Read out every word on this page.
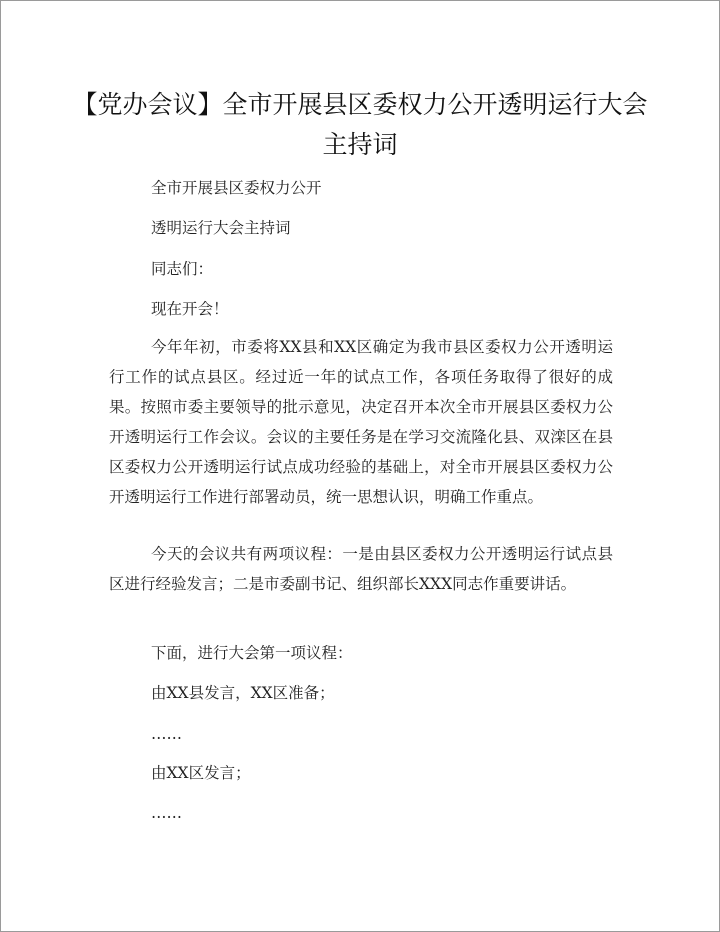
【党办会议】全市开展县区委权力公开透明运行大会主持词

全市开展县区委权力公开

透明运行大会主持词

同志们：

现在开会！

今年年初，市委将XX县和XX区确定为我市县区委权力公开透明运行工作的试点县区。经过近一年的试点工作，各项任务取得了很好的成果。按照市委主要领导的批示意见，决定召开本次全市开展县区委权力公开透明运行工作会议。会议的主要任务是在学习交流隆化县、双滦区在县区委权力公开透明运行试点成功经验的基础上，对全市开展县区委权力公开透明运行工作进行部署动员，统一思想认识，明确工作重点。

今天的会议共有两项议程：一是由县区委权力公开透明运行试点县区进行经验发言；二是市委副书记、组织部长XXX同志作重要讲话。

下面，进行大会第一项议程：

由XX县发言，XX区准备；

……

由XX区发言；

……
